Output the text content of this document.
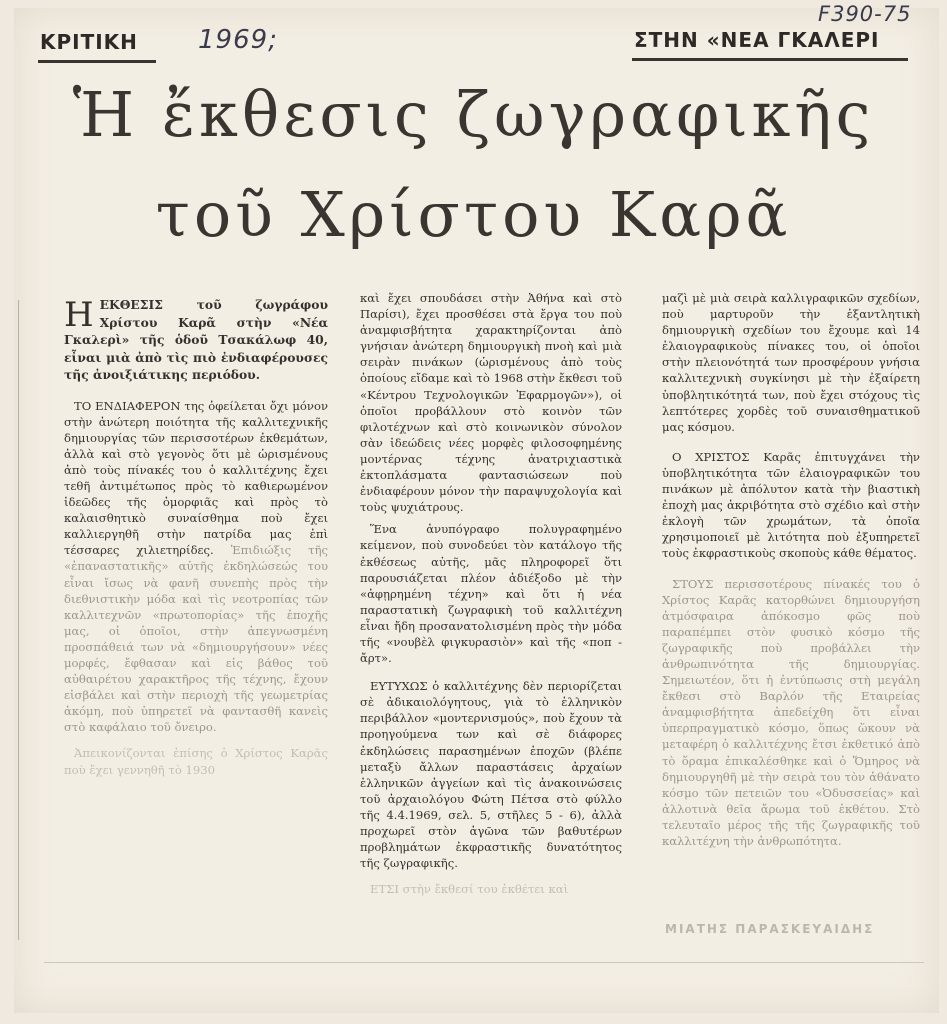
ΚΡΙΤΙΚΗ 1969;
F390-75
ΣΤΗΝ «ΝΕΑ ΓΚΑΛΕΡΙ
Ἡ ἔκθεσις ζωγραφικῆς
τοῦ Χρίστου Καρᾶ

Η ΕΚΘΕΣΙΣ τοῦ ζωγράφου Χρίστου Καρᾶ στὴν «Νέα Γκαλερὶ» τῆς ὁδοῦ Τσακάλωφ 40, εἶναι μιὰ ἀπὸ τὶς πιὸ ἐνδιαφέρουσες τῆς ἀνοιξιάτικης περιόδου.

ΤΟ ΕΝΔΙΑΦΕΡΟΝ της ὀφείλεται ὄχι μόνον στὴν ἀνώτερη ποιότητα τῆς καλλιτεχνικῆς δημιουργίας τῶν περισσοτέρων ἐκθεμάτων, ἀλλὰ καὶ στὸ γεγονὸς ὅτι μὲ ὡρισμένους ἀπὸ τοὺς πίνακές του ὁ καλλιτέχνης ἔχει τεθῆ ἀντιμέτωπος πρὸς τὸ καθιερωμένον ἰδεῶδες τῆς ὀμορφιᾶς καὶ πρὸς τὸ καλαισθητικὸ συναίσθημα ποὺ ἔχει καλλιεργηθῆ στὴν πατρίδα μας ἐπὶ τέσσαρες χιλιετηρίδες. Ἐπιδιώξις τῆς «ἐπαναστατικῆς» αὐτῆς ἐκδηλώσεώς του εἶναι ἴσως νὰ φανῆ συνεπὴς πρὸς τὴν διεθνιστικὴν μόδα καὶ τὶς νεοτροπίας τῶν καλλιτεχνῶν «πρωτοπορίας» τῆς ἐποχῆς μας, οἱ ὁποῖοι, στὴν ἀπεγνωσμένη προσπάθειά των νὰ «δημιουργήσουν» νέες μορφές, ἔφθασαν καὶ εἰς βάθος τοῦ αὐθαιρέτου χαρακτῆρος τῆς τέχνης, ἔχουν εἰσβάλει καὶ στὴν περιοχὴ τῆς γεωμετρίας ἀκόμη, ποὺ ὑπηρετεῖ νὰ φαντασθῆ κανεὶς στὸ καφάλαιο τοῦ ὄνειρο.

Ἀπεικονίζονται ἐπίσης ὁ Χρίστος Καρᾶς ποὺ ἔχει γεννηθῆ τὸ 1930

καὶ ἔχει σπουδάσει στὴν Ἀθήνα καὶ στὸ Παρίσι), ἔχει προσθέσει στὰ ἔργα του ποὺ ἀναμφισβήτητα χαρακτηρίζονται ἀπὸ γνήσιαν ἀνώτερη δημιουργικὴ πνοὴ καὶ μιὰ σειρὰν πινάκων (ὡρισμένους ἀπὸ τοὺς ὁποίους εἴδαμε καὶ τὸ 1968 στὴν ἔκθεσι τοῦ «Κέντρου Τεχνολογικῶν Ἐφαρμογῶν»), οἱ ὁποῖοι προβάλλουν στὸ κοινὸν τῶν φιλοτέχνων καὶ στὸ κοινωνικὸν σύνολον σὰν ἰδεώδεις νέες μορφὲς φιλοσοφημένης μοντέρνας τέχνης ἀνατριχιαστικὰ ἐκτοπλάσματα φαντασιώσεων ποὺ ἐνδιαφέρουν μόνον τὴν παραψυχολογία καὶ τοὺς ψυχιάτρους.

Ἕνα ἀνυπόγραφο πολυγραφημένο κείμενον, ποὺ συνοδεύει τὸν κατάλογο τῆς ἐκθέσεως αὐτῆς, μᾶς πληροφορεῖ ὅτι παρουσιάζεται πλέον ἀδιέξοδο μὲ τὴν «ἀφῃρημένη τέχνη» καὶ ὅτι ἡ νέα παραστατικὴ ζωγραφικὴ τοῦ καλλιτέχνη εἶναι ἤδη προσανατολισμένη πρὸς τὴν μόδα τῆς «νουβὲλ φιγκυρασιὸν» καὶ τῆς «ποπ - ἄρτ».

ΕΥΤΥΧΩΣ ὁ καλλιτέχνης δὲν περιορίζεται σὲ ἀδικαιολόγητους, γιὰ τὸ ἑλληνικὸν περιβάλλον «μοντερνισμούς», ποὺ ἔχουν τὰ προηγούμενα των καὶ σὲ διάφορες ἐκδηλώσεις παρασημένων ἐποχῶν (βλέπε μεταξὺ ἄλλων παραστάσεις ἀρχαίων ἑλληνικῶν ἀγγείων καὶ τὶς ἀνακοινώσεις τοῦ ἀρχαιολόγου Φώτη Πέτσα στὸ φύλλο τῆς 4.4.1969, σελ. 5, στῆλες 5 - 6), ἀλλὰ προχωρεῖ στὸν ἀγῶνα τῶν βαθυτέρων προβλημάτων ἐκφραστικῆς δυνατότητος τῆς ζωγραφικῆς.

ΕΤΣΙ στὴν ἔκθεσί του ἐκθέτει καὶ

μαζὶ μὲ μιὰ σειρὰ καλλιγραφικῶν σχεδίων, ποὺ μαρτυροῦν τὴν ἐξαντλητικὴ δημιουργικὴ σχεδίων του ἔχουμε καὶ 14 ἐλαιογραφικοὺς πίνακες του, οἱ ὁποῖοι στὴν πλειονότητά των προσφέρουν γνήσια καλλιτεχνικὴ συγκίνησι μὲ τὴν ἐξαίρετη ὑποβλητικότητά των, ποὺ ἔχει στόχους τὶς λεπτότερες χορδὲς τοῦ συναισθηματικοῦ μας κόσμου.

Ο ΧΡΙΣΤΟΣ Καρᾶς ἐπιτυγχάνει τὴν ὑποβλητικότητα τῶν ἐλαιογραφικῶν του πινάκων μὲ ἀπόλυτον κατὰ τὴν βιαστικὴ ἐποχὴ μας ἀκριβότητα στὸ σχέδιο καὶ στὴν ἐκλογὴ τῶν χρωμάτων, τὰ ὁποῖα χρησιμοποιεῖ μὲ λιτότητα ποὺ ἐξυπηρετεῖ τοὺς ἐκφραστικοὺς σκοποὺς κάθε θέματος.

ΣΤΟΥΣ περισσοτέρους πίνακές του ὁ Χρίστος Καρᾶς κατορθώνει δημιουργήση ἀτμόσφαιρα ἀπόκοσμο φῶς ποὺ παραπέμπει στὸν φυσικὸ κόσμο τῆς ζωγραφικῆς ποὺ προβάλλει τὴν ἀνθρωπινότητα τῆς δημιουργίας. Σημειωτέον, ὅτι ἡ ἐντύπωσις στὴ μεγάλη ἔκθεσι στὸ Βαρλόν τῆς Εταιρείας ἀναμφισβήτητα ἀπεδείχθη ὅτι εἶναι ὑπερπραγματικὸ κόσμο, ὅπως ὥκουν νὰ μεταφέρη ὁ καλλιτέχνης ἔτσι ἐκθετικό ἀπὸ τὸ ὅραμα ἐπικαλέσθηκε καὶ ὁ Ὅμηρος νὰ δημιουργηθῆ μὲ τὴν σειρὰ του τὸν ἀθάνατο κόσμο τῶν πετειῶν του «Ὀδυσσείας» καὶ ἀλλοτινὰ θεῖα ἄρωμα τοῦ ἐκθέτου. Στὸ τελευταῖο μέρος τῆς τῆς ζωγραφικῆς τοῦ καλλιτέχνη τὴν ἀνθρωπότητα.

ΜΙΑΤΗΣ ΠΑΡΑΣΚΕΥΑΙΔΗΣ
